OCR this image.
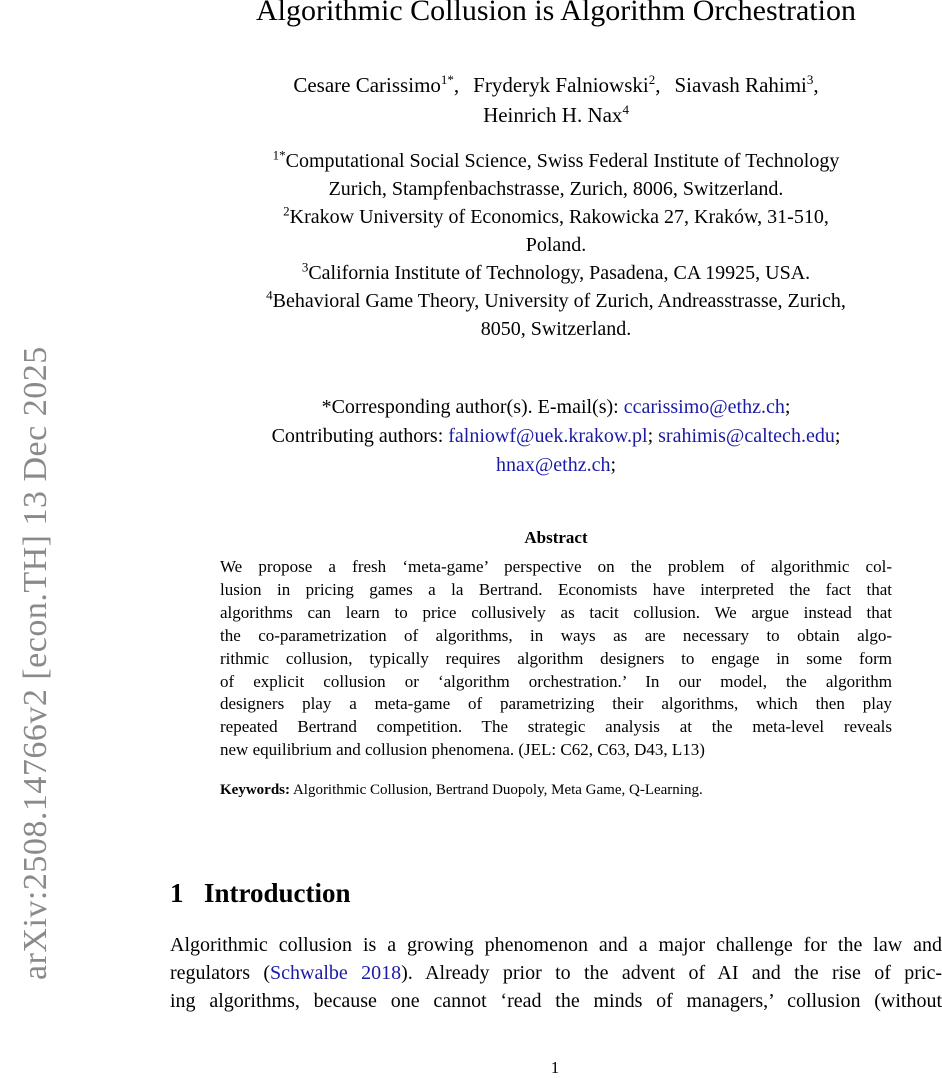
arXiv:2508.14766v2 [econ.TH] 13 Dec 2025
Algorithmic Collusion is Algorithm Orchestration
Cesare Carissimo$^{1*}$, Fryderyk Falniowski$^2$, Siavash Rahimi$^3$,
Heinrich H. Nax$^4$
$^{1*}$Computational Social Science, Swiss Federal Institute of Technology
Zurich, Stampfenbachstrasse, Zurich, 8006, Switzerland.
$^2$Krakow University of Economics, Rakowicka 27, Kraków, 31-510,
Poland.
$^3$California Institute of Technology, Pasadena, CA 19925, USA.
$^4$Behavioral Game Theory, University of Zurich, Andreasstrasse, Zurich,
8050, Switzerland.
*Corresponding author(s). E-mail(s): ccarissimo@ethz.ch;
Contributing authors: falniowf@uek.krakow.pl; srahimis@caltech.edu;
hnax@ethz.ch;
Abstract
We propose a fresh ‘meta-game’ perspective on the problem of algorithmic col-
lusion in pricing games a la Bertrand. Economists have interpreted the fact that
algorithms can learn to price collusively as tacit collusion. We argue instead that
the co-parametrization of algorithms, in ways as are necessary to obtain algo-
rithmic collusion, typically requires algorithm designers to engage in some form
of explicit collusion or ‘algorithm orchestration.’ In our model, the algorithm
designers play a meta-game of parametrizing their algorithms, which then play
repeated Bertrand competition. The strategic analysis at the meta-level reveals
new equilibrium and collusion phenomena. (JEL: C62, C63, D43, L13)
Keywords: Algorithmic Collusion, Bertrand Duopoly, Meta Game, Q-Learning.
1 Introduction
Algorithmic collusion is a growing phenomenon and a major challenge for the law and
regulators (Schwalbe 2018). Already prior to the advent of AI and the rise of pric-
ing algorithms, because one cannot ‘read the minds of managers,’ collusion (without
1
